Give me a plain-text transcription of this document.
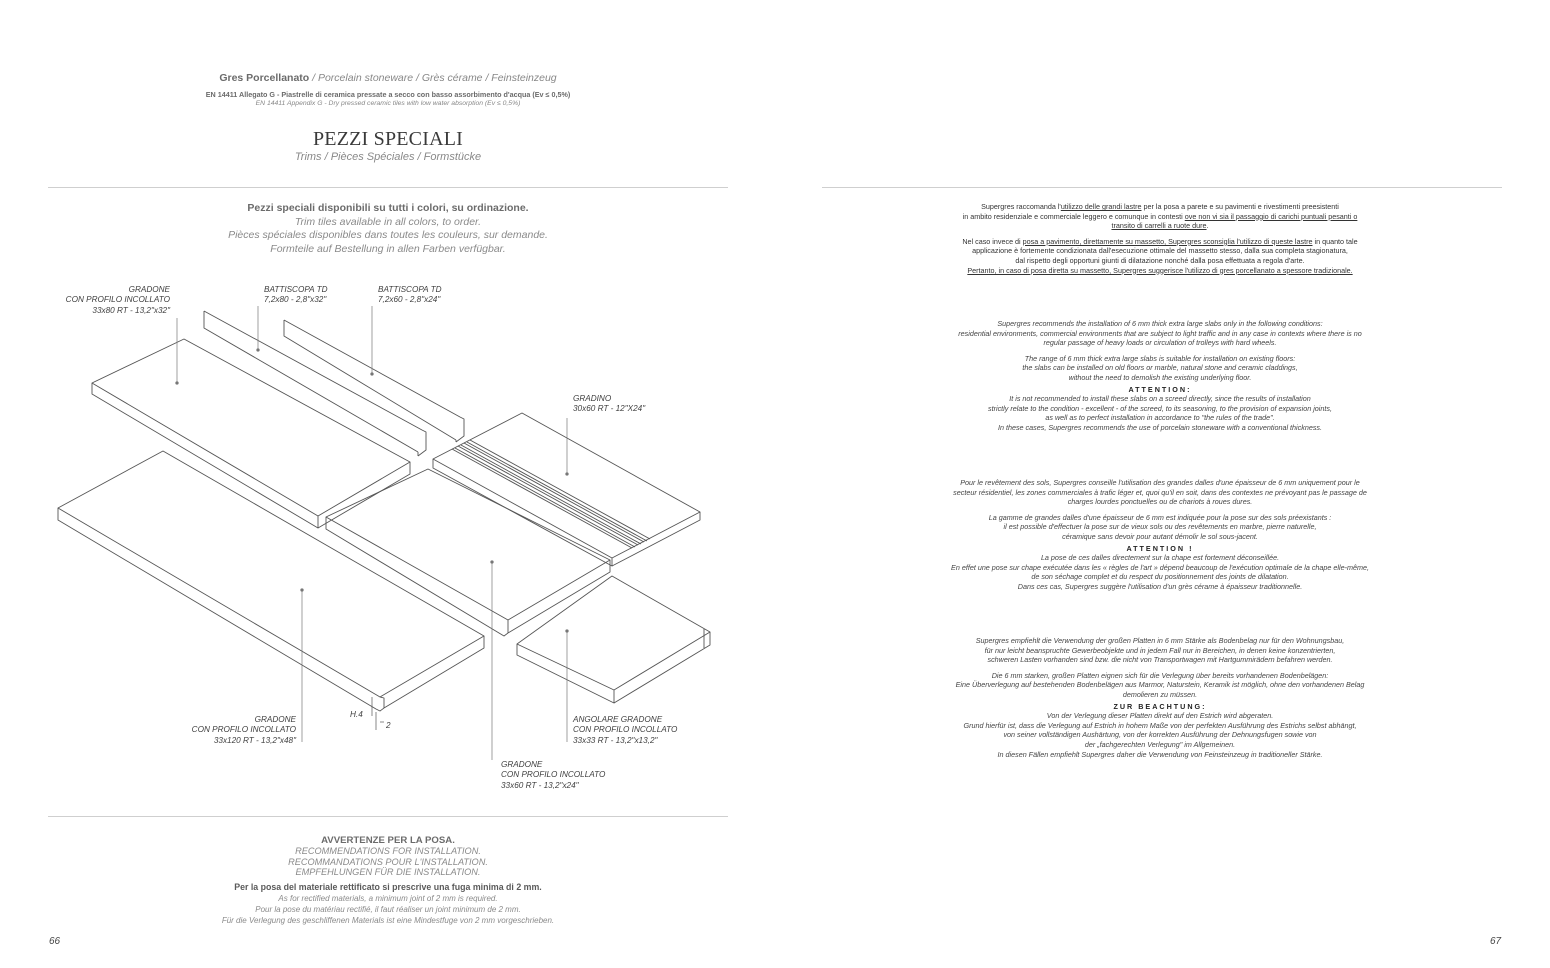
Gres Porcellanato / Porcelain stoneware / Grès cérame / Feinsteinzeug
EN 14411 Allegato G - Piastrelle di ceramica pressate a secco con basso assorbimento d'acqua (Ev ≤ 0,5%)
EN 14411 Appendix G - Dry pressed ceramic tiles with low water absorption (Ev ≤ 0,5%)
PEZZI SPECIALI
Trims / Pièces Spéciales / Formstücke
Pezzi speciali disponibili su tutti i colori, su ordinazione.
Trim tiles available in all colors, to order.
Pièces spéciales disponibles dans toutes les couleurs, sur demande.
Formteile auf Bestellung in allen Farben verfügbar.
GRADONE
CON PROFILO INCOLLATO
33x80 RT - 13,2"x32"
BATTISCOPA TD
7,2x80 - 2,8"x32"
BATTISCOPA TD
7,2x60 - 2,8"x24"
GRADINO
30x60 RT - 12"X24"
GRADONE
CON PROFILO INCOLLATO
33x120 RT - 13,2"x48"
ANGOLARE GRADONE
CON PROFILO INCOLLATO
33x33 RT - 13,2"x13,2"
GRADONE
CON PROFILO INCOLLATO
33x60 RT - 13,2"x24"
H.4
2
AVVERTENZE PER LA POSA.
RECOMMENDATIONS FOR INSTALLATION.
RECOMMANDATIONS POUR L'INSTALLATION.
EMPFEHLUNGEN FÜR DIE INSTALLATION.
Per la posa del materiale rettificato si prescrive una fuga minima di 2 mm.
As for rectified materials, a minimum joint of 2 mm is required.
Pour la pose du matériau rectifié, il faut réaliser un joint minimum de 2 mm.
Für die Verlegung des geschliffenen Materials ist eine Mindestfuge von 2 mm vorgeschrieben.
66	67

Supergres raccomanda l'utilizzo delle grandi lastre per la posa a parete e su pavimenti e rivestimenti preesistenti
in ambito residenziale e commerciale leggero e comunque in contesti ove non vi sia il passaggio di carichi puntuali pesanti o
transito di carrelli a ruote dure.

Nel caso invece di posa a pavimento, direttamente su massetto, Supergres sconsiglia l'utilizzo di queste lastre in quanto tale
applicazione è fortemente condizionata dall'esecuzione ottimale del massetto stesso, dalla sua completa stagionatura,
dal rispetto degli opportuni giunti di dilatazione nonché dalla posa effettuata a regola d'arte.
Pertanto, in caso di posa diretta su massetto, Supergres suggerisce l'utilizzo di gres porcellanato a spessore tradizionale.

Supergres recommends the installation of 6 mm thick extra large slabs only in the following conditions:
residential environments, commercial environments that are subject to light traffic and in any case in contexts where there is no
regular passage of heavy loads or circulation of trolleys with hard wheels.

The range of 6 mm thick extra large slabs is suitable for installation on existing floors:
the slabs can be installed on old floors or marble, natural stone and ceramic claddings,
without the need to demolish the existing underlying floor.

ATTENTION:
It is not recommended to install these slabs on a screed directly, since the results of installation
strictly relate to the condition - excellent - of the screed, to its seasoning, to the provision of expansion joints,
as well as to perfect installation in accordance to "the rules of the trade".
In these cases, Supergres recommends the use of porcelain stoneware with a conventional thickness.

Pour le revêtement des sols, Supergres conseille l'utilisation des grandes dalles d'une épaisseur de 6 mm uniquement pour le
secteur résidentiel, les zones commerciales à trafic léger et, quoi qu'il en soit, dans des contextes ne prévoyant pas le passage de
charges lourdes ponctuelles ou de chariots à roues dures.

La gamme de grandes dalles d'une épaisseur de 6 mm est indiquée pour la pose sur des sols préexistants :
il est possible d'effectuer la pose sur de vieux sols ou des revêtements en marbre, pierre naturelle,
céramique sans devoir pour autant démolir le sol sous-jacent.

ATTENTION !
La pose de ces dalles directement sur la chape est fortement déconseillée.
En effet une pose sur chape exécutée dans les « règles de l'art » dépend beaucoup de l'exécution optimale de la chape elle-même,
de son séchage complet et du respect du positionnement des joints de dilatation.
Dans ces cas, Supergres suggère l'utilisation d'un grès cérame à épaisseur traditionnelle.

Supergres empfiehlt die Verwendung der großen Platten in 6 mm Stärke als Bodenbelag nur für den Wohnungsbau,
für nur leicht beanspruchte Gewerbeobjekte und in jedem Fall nur in Bereichen, in denen keine konzentrierten,
schweren Lasten vorhanden sind bzw. die nicht von Transportwagen mit Hartgummirädern befahren werden.

Die 6 mm starken, großen Platten eignen sich für die Verlegung über bereits vorhandenen Bodenbelägen:
Eine Überverlegung auf bestehenden Bodenbelägen aus Marmor, Naturstein, Keramik ist möglich, ohne den vorhandenen Belag
demolieren zu müssen.

ZUR BEACHTUNG:
Von der Verlegung dieser Platten direkt auf den Estrich wird abgeraten.
Grund hierfür ist, dass die Verlegung auf Estrich in hohem Maße von der perfekten Ausführung des Estrichs selbst abhängt,
von seiner vollständigen Aushärtung, von der korrekten Ausführung der Dehnungsfugen sowie von
der „fachgerechten Verlegung" im Allgemeinen.
In diesen Fällen empfiehlt Supergres daher die Verwendung von Feinsteinzeug in traditioneller Stärke.
